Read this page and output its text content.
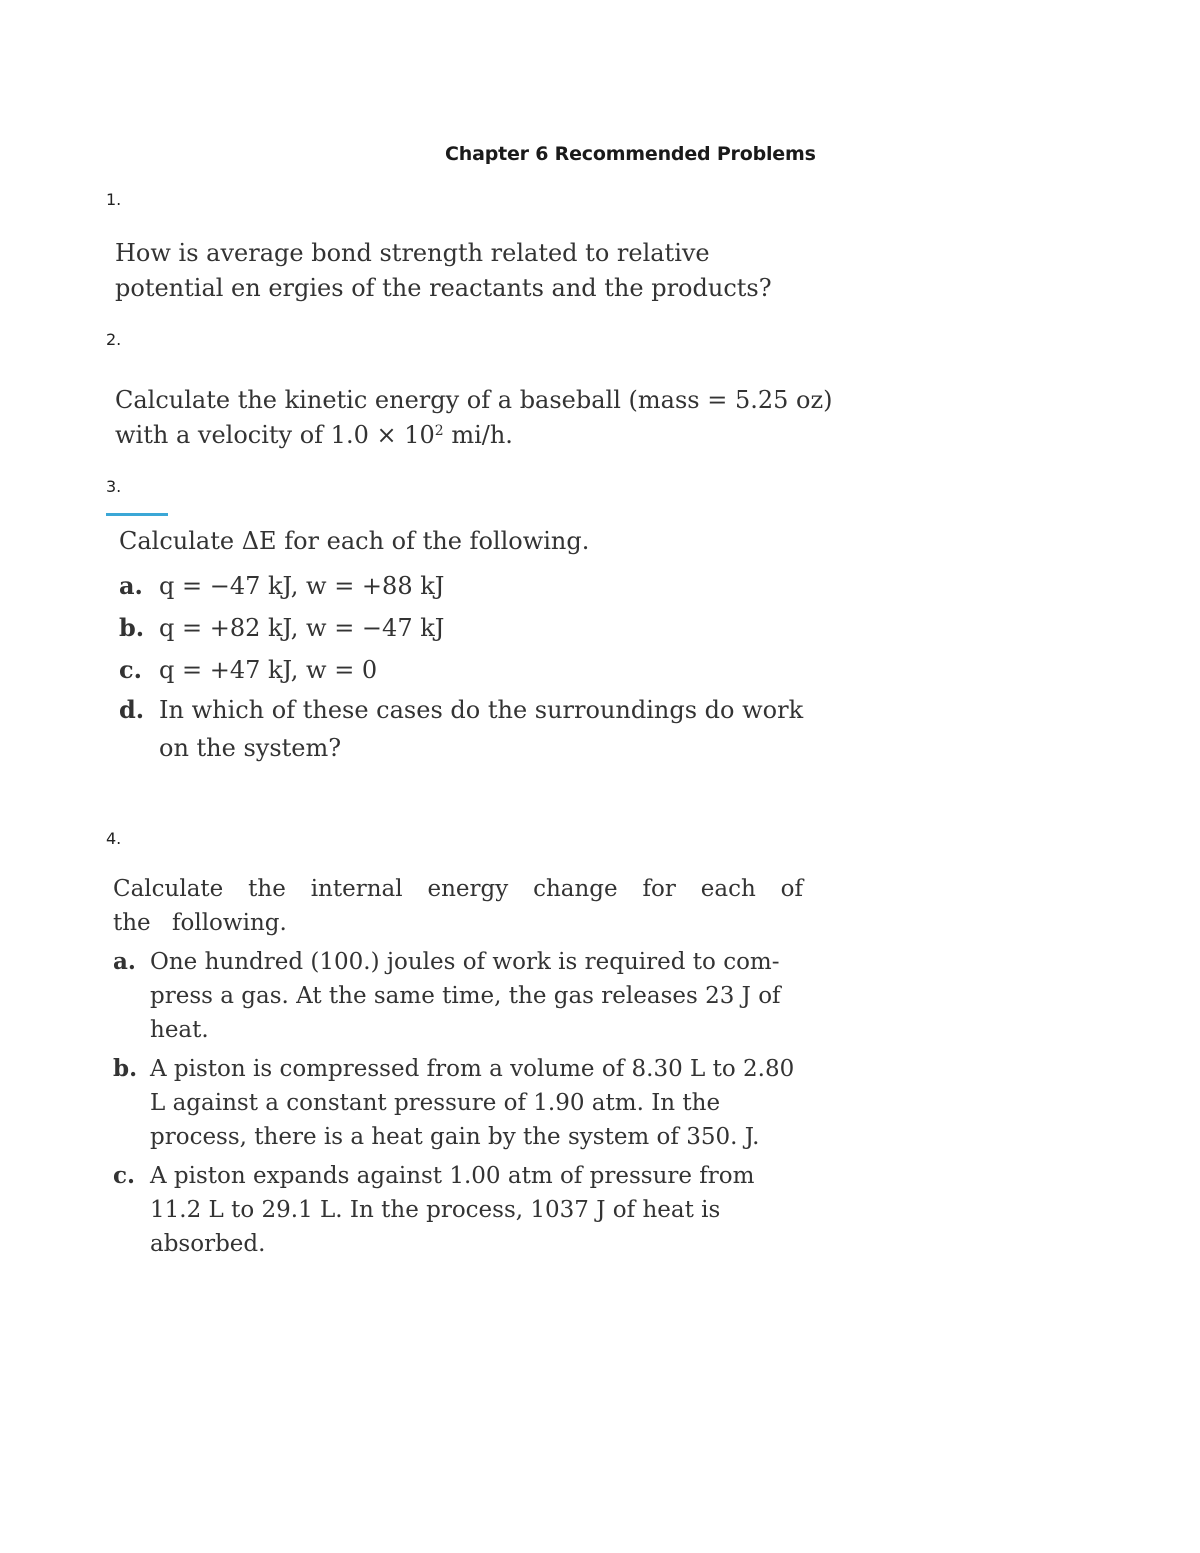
Chapter 6 Recommended Problems
1.
How is average bond strength related to relative potential en ergies of the reactants and the products?
2.
Calculate the kinetic energy of a baseball (mass = 5.25 oz)
with a velocity of $1.0 \times 10^2$ mi/h.
3.
Calculate ΔE for each of the following.
a. q = −47 kJ, w = +88 kJ
b. q = +82 kJ, w = −47 kJ
c. q = +47 kJ, w = 0
d. In which of these cases do the surroundings do work on the system?
4.
Calculate the internal energy change for each of the following.
a. One hundred (100.) joules of work is required to com- press a gas. At the same time, the gas releases 23 J of heat.
b. A piston is compressed from a volume of 8.30 L to 2.80 L against a constant pressure of 1.90 atm. In the process, there is a heat gain by the system of 350. J.
c. A piston expands against 1.00 atm of pressure from 11.2 L to 29.1 L. In the process, 1037 J of heat is absorbed.
